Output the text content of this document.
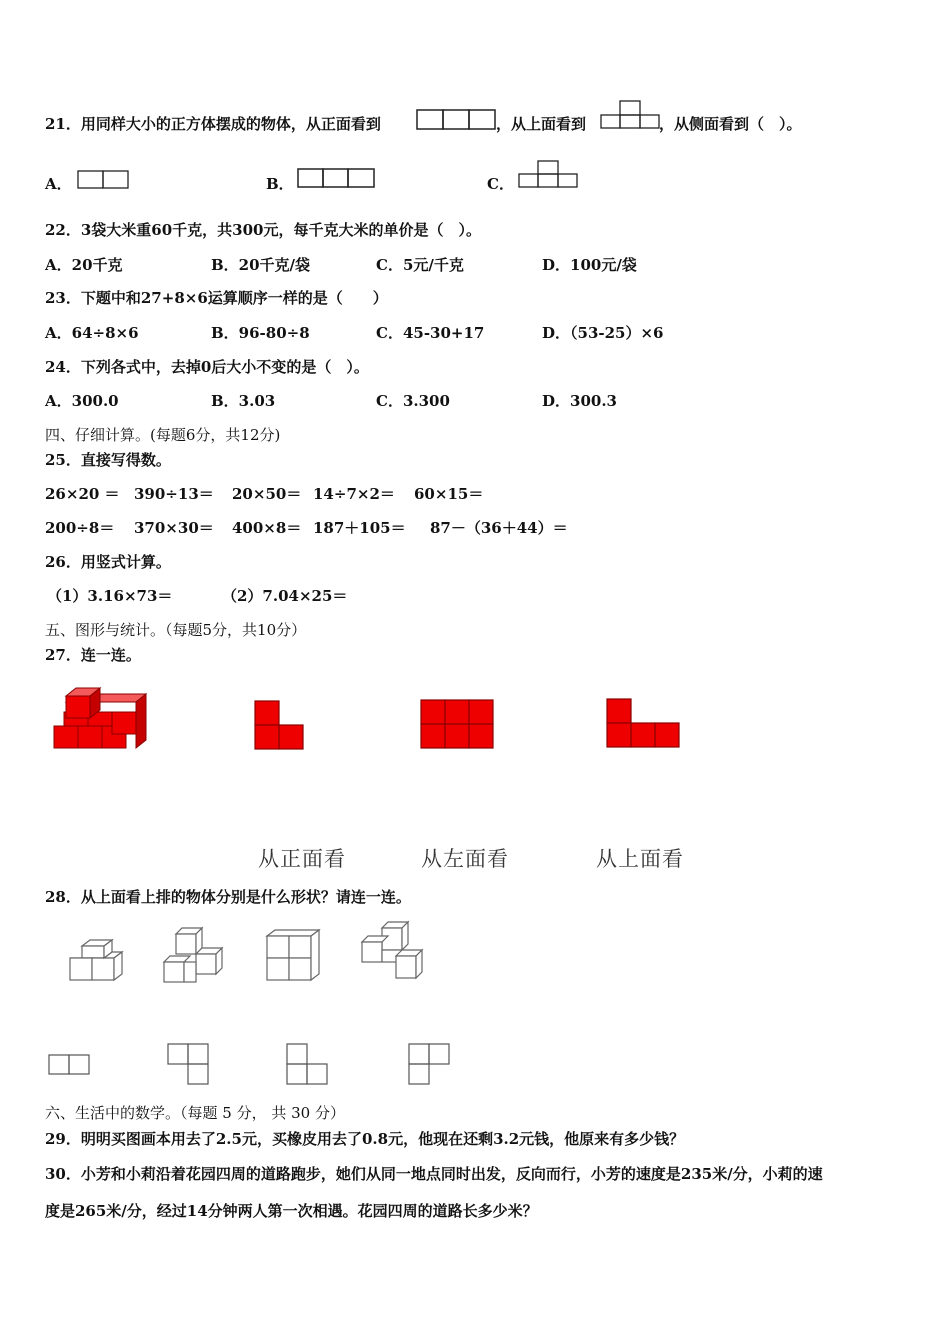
21．用同样大小的正方体摆成的物体，从正面看到	，从上面看到	，从侧面看到（　）。
A．	B．	C．
22．3袋大米重60千克，共300元，每千克大米的单价是（　）。
A．20千克	B．20千克/袋	C．5元/千克	D．100元/袋
23．下题中和27+8×6运算顺序一样的是（　　）
A．64÷8×6	B．96-80÷8	C．45-30+17	D．（53-25）×6
24．下列各式中，去掉0后大小不变的是（　）。
A．300.0	B．3.03	C．3.300	D．300.3
四、仔细计算。(每题6分，共12分)
25．直接写得数。
26×20 ＝ 390÷13＝ 20×50＝ 14÷7×2＝ 60×15＝
200÷8＝ 370×30＝ 400×8＝ 187＋105＝ 87－（36＋44）＝
26．用竖式计算。
（1）3.16×73＝	（2）7.04×25＝
五、图形与统计。（每题5分，共10分）
27．连一连。
从正面看	从左面看	从上面看
28．从上面看上排的物体分别是什么形状？请连一连。
六、生活中的数学。（每题 5 分， 共 30 分）
29．明明买图画本用去了2.5元，买橡皮用去了0.8元，他现在还剩3.2元钱，他原来有多少钱？
30．小芳和小莉沿着花园四周的道路跑步，她们从同一地点同时出发，反向而行，小芳的速度是235米/分，小莉的速
度是265米/分，经过14分钟两人第一次相遇。花园四周的道路长多少米？
